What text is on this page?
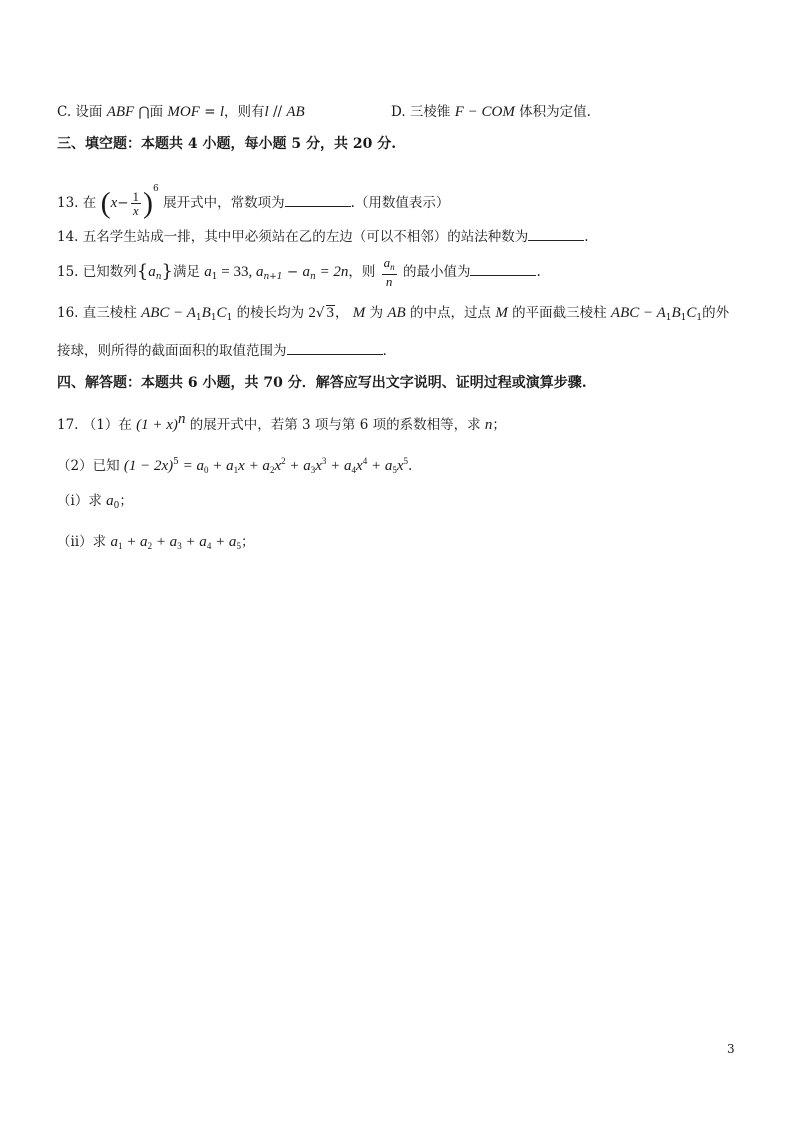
C. 设面 ABF ⋂面 MOF = l，则有l // AB	D. 三棱锥 F − COM 体积为定值.
三、填空题：本题共 4 小题，每小题 5 分，共 20 分.
13. 在 $(x- \frac{1}{x} )^6$ 展开式中，常数项为	.（用数值表示）
14. 五名学生站成一排，其中甲必须站在乙的左边（可以不相邻）的站法种数为	.
15. 已知数列$\{a_n\}$满足 $a_1 = 33$, $a_{n+1} - a_n = 2n$，则 $\frac{a_n}{n}$ 的最小值为	.
16. 直三棱柱 ABC − $A_1B_1C_1$ 的棱长均为 2√ 3， M 为 AB 的中点，过点 M 的平面截三棱柱 ABC − $A_1B_1C_1$的外
接球，则所得的截面面积的取值范围为	.
四、解答题：本题共 6 小题，共 70 分．解答应写出文字说明、证明过程或演算步骤.
17. （1）在 $(1 + x)^n$ 的展开式中，若第 3 项与第 6 项的系数相等，求 n；
（2）已知 $(1 - 2x)^5 = a_0 + a_1x + a_2x^2 + a_3x^3 + a_4x^4 + a_5x^5$.
（ⅰ）求 $a_0$；
（ⅱ）求 $a_1 + a_2 + a_3 + a_4 + a_5$；
3
